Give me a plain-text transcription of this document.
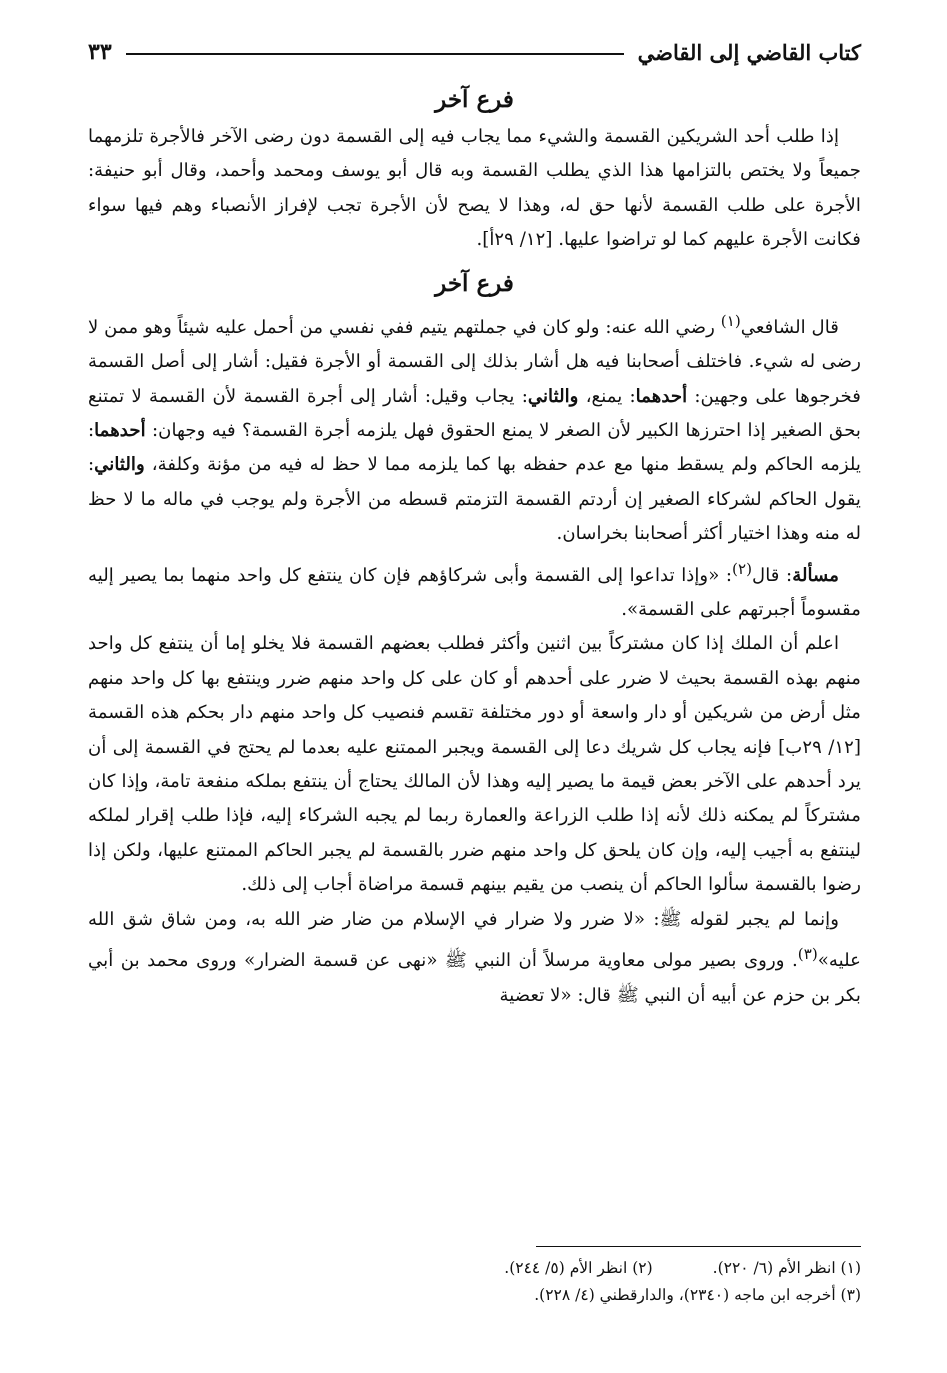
كتاب القاضي إلى القاضي
٣٣
فرع آخر

إذا طلب أحد الشريكين القسمة والشيء مما يجاب فيه إلى القسمة دون رضى الآخر فالأجرة تلزمهما جميعاً ولا يختص بالتزامها هذا الذي يطلب القسمة وبه قال أبو يوسف ومحمد وأحمد، وقال أبو حنيفة: الأجرة على طلب القسمة لأنها حق له، وهذا لا يصح لأن الأجرة تجب لإفراز الأنصباء وهم فيها سواء فكانت الأجرة عليهم كما لو تراضوا عليها. [١٢/ ٢٩أ].

فرع آخر

قال الشافعي$^{(١)}$ رضي الله عنه: ولو كان في جملتهم يتيم ففي نفسي من أحمل عليه شيئاً وهو ممن لا رضى له شيء. فاختلف أصحابنا فيه هل أشار بذلك إلى القسمة أو الأجرة فقيل: أشار إلى أصل القسمة فخرجوها على وجهين: أحدهما: يمنع، والثاني: يجاب وقيل: أشار إلى أجرة القسمة لأن القسمة لا تمتنع بحق الصغير إذا احترزها الكبير لأن الصغر لا يمنع الحقوق فهل يلزمه أجرة القسمة؟ فيه وجهان: أحدهما: يلزمه الحاكم ولم يسقط منها مع عدم حفظه بها كما يلزمه مما لا حظ له فيه من مؤنة وكلفة، والثاني: يقول الحاكم لشركاء الصغير إن أردتم القسمة التزمتم قسطه من الأجرة ولم يوجب في ماله ما لا حظ له منه وهذا اختيار أكثر أصحابنا بخراسان.

مسألة: قال$^{(٢)}$: «وإذا تداعوا إلى القسمة وأبى شركاؤهم فإن كان ينتفع كل واحد منهما بما يصير إليه مقسوماً أجبرتهم على القسمة».

اعلم أن الملك إذا كان مشتركاً بين اثنين وأكثر فطلب بعضهم القسمة فلا يخلو إما أن ينتفع كل واحد منهم بهذه القسمة بحيث لا ضرر على أحدهم أو كان على كل واحد منهم ضرر وينتفع بها كل واحد منهم مثل أرض من شريكين أو دار واسعة أو دور مختلفة تقسم فنصيب كل واحد منهم دار بحكم هذه القسمة [١٢/ ٢٩ب] فإنه يجاب كل شريك دعا إلى القسمة ويجبر الممتنع عليه بعدما لم يحتج في القسمة إلى أن يرد أحدهم على الآخر بعض قيمة ما يصير إليه وهذا لأن المالك يحتاج أن ينتفع بملكه منفعة تامة، وإذا كان مشتركاً لم يمكنه ذلك لأنه إذا طلب الزراعة والعمارة ربما لم يجبه الشركاء إليه، فإذا طلب إقرار لملكه لينتفع به أجيب إليه، وإن كان يلحق كل واحد منهم ضرر بالقسمة لم يجبر الحاكم الممتنع عليها، ولكن إذا رضوا بالقسمة سألوا الحاكم أن ينصب من يقيم بينهم قسمة مراضاة أجاب إلى ذلك.

وإنما لم يجبر لقوله ﷺ: «لا ضرر ولا ضرار في الإسلام من ضار ضر الله به، ومن شاق شق الله عليه»$^{(٣)}$. وروى بصير مولى معاوية مرسلاً أن النبي ﷺ «نهى عن قسمة الضرار» وروى محمد بن أبي بكر بن حزم عن أبيه أن النبي ﷺ قال: «لا تعضية

(١) انظر الأم (٦/ ٢٢٠).
(٢) انظر الأم (٥/ ٢٤٤).
(٣) أخرجه ابن ماجه (٢٣٤٠)، والدارقطني (٤/ ٢٢٨).
